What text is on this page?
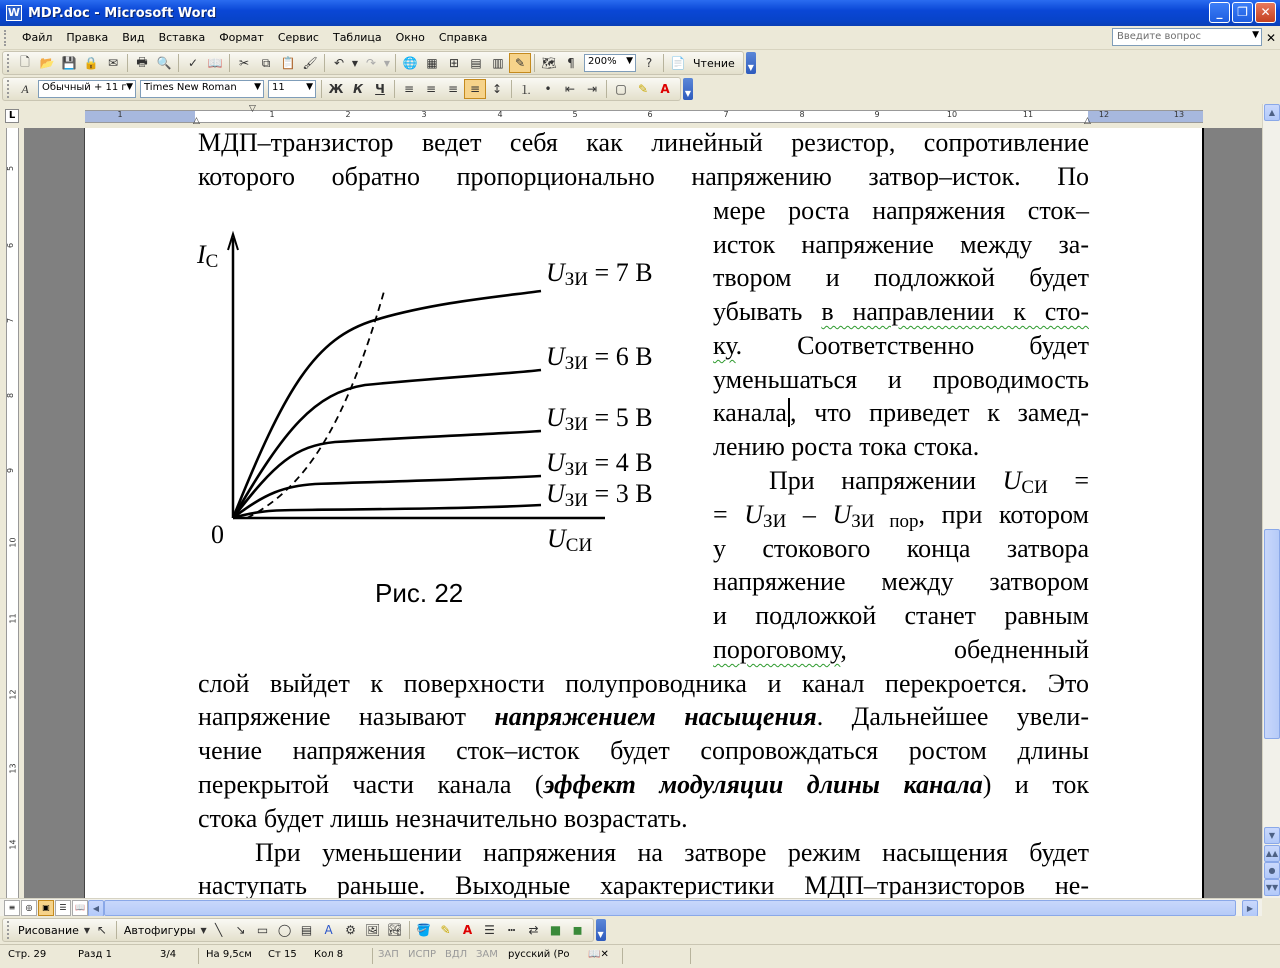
W MDP.doc - Microsoft Word	_	❐	✕
Файл	Правка	Вид	Вставка	Формат	Сервис	Таблица	Окно	Справка	Введите вопрос	▼ ✕
🗋 📂 💾 🔒 ✉	🖶 🔍	✓ 📖	✂	⧉ 📋 🖌	↶ ▼ ↷ ▼ 🌐 ▦ ⊞ ▤ ▥ ✎	🗺 ¶	200% ▼	?	📄 Чтение	▼
A	Обычный + 11 г ▼	Times New Roman ▼	11 ▼	Ж К	Ч	≡ ≡ ≡ ≡ ↕	⒈	•	⇤ ⇥	▢ ✎	A	▼
L	1	1	2	3	4	5	6	7	8	9	10	11	12	13
▽
△	△
5
6
7
8
9
10
11
12
13
14
МДП–транзистор ведет себя как линейный резистор, сопротивление
которого обратно пропорционально напряжению затвор–исток. По
мере роста напряжения сток–
исток напряжение между за-
твором и подложкой будет
убывать в направлении к сто-
ку. Соответственно будет
уменьшаться и проводимость
канала , что приведет к замед-
лению роста тока стока.
При напряжении $U_{СИ}$ =
= $U_{ЗИ} - U_{ЗИ пор}$, при котором
у стокового конца затвора
напряжение между затвором
и подложкой станет равным
пороговому, обедненный
слой выйдет к поверхности полупроводника и канал перекроется. Это
напряжение называют напряжением насыщения. Дальнейшее увели-
чение напряжения сток–исток будет сопровождаться ростом длины
перекрытой части канала (эффект модуляции длины канала) и ток
стока будет лишь незначительно возрастать.
При уменьшении напряжения на затворе режим насыщения будет
наступать раньше. Выходные характеристики МДП–транзисторов не-
$I_С$
0	$U_{СИ}$
$U_{ЗИ} = 7$ В
$U_{ЗИ} = 6$ В
$U_{ЗИ} = 5$ В
$U_{ЗИ} = 4$ В
$U_{ЗИ} = 3$ В
Рис. 22
▲
▼
▲▲
●
▼▼
≡	◎	▣	☰	📖 ◀	▶
Рисование ▼ ↖	Автофигуры ▼ ╲	↘ ▭ ◯ ▤	A	⚙ 🖼 🏞 🪣 ✎	A ☰	┅	⇄ ■ ◼	▼
Стр. 29	Разд 1	3/4	На 9,5см Ст 15 Кол 8	ЗАП ИСПР ВДЛ ЗАМ русский (Ро 📖✕
